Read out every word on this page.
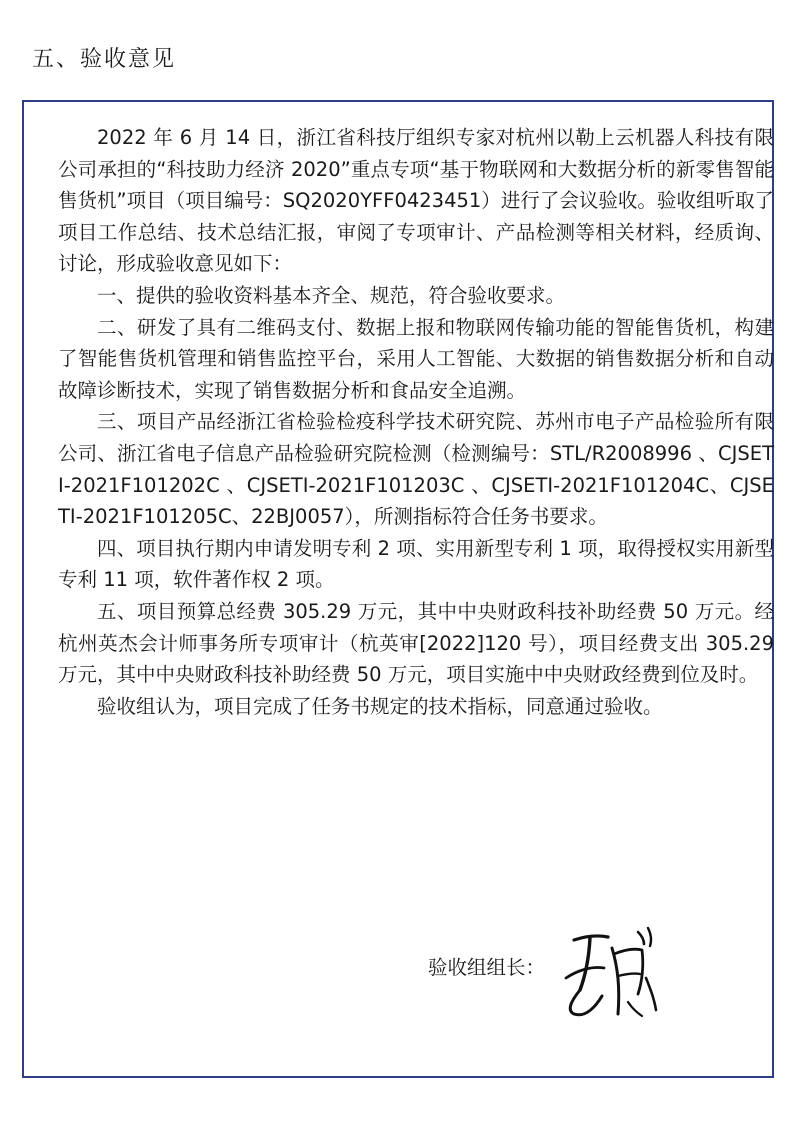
五、验收意见

2022 年 6 月 14 日，浙江省科技厅组织专家对杭州以勒上云机器人科技有限公司承担的“科技助力经济 2020”重点专项“基于物联网和大数据分析的新零售智能售货机”项目（项目编号：SQ2020YFF0423451）进行了会议验收。验收组听取了项目工作总结、技术总结汇报，审阅了专项审计、产品检测等相关材料，经质询、讨论，形成验收意见如下：

一、提供的验收资料基本齐全、规范，符合验收要求。

二、研发了具有二维码支付、数据上报和物联网传输功能的智能售货机，构建了智能售货机管理和销售监控平台，采用人工智能、大数据的销售数据分析和自动故障诊断技术，实现了销售数据分析和食品安全追溯。

三、项目产品经浙江省检验检疫科学技术研究院、苏州市电子产品检验所有限公司、浙江省电子信息产品检验研究院检测（检测编号：STL/R2008996 、CJSETI-2021F101202C 、CJSETI-2021F101203C 、CJSETI-2021F101204C、CJSETI-2021F101205C、22BJ0057），所测指标符合任务书要求。

四、项目执行期内申请发明专利 2 项、实用新型专利 1 项，取得授权实用新型专利 11 项，软件著作权 2 项。

五、项目预算总经费 305.29 万元，其中中央财政科技补助经费 50 万元。经杭州英杰会计师事务所专项审计（杭英审[2022]120 号），项目经费支出 305.29 万元，其中中央财政科技补助经费 50 万元，项目实施中中央财政经费到位及时。

验收组认为，项目完成了任务书规定的技术指标，同意通过验收。

验收组组长：
